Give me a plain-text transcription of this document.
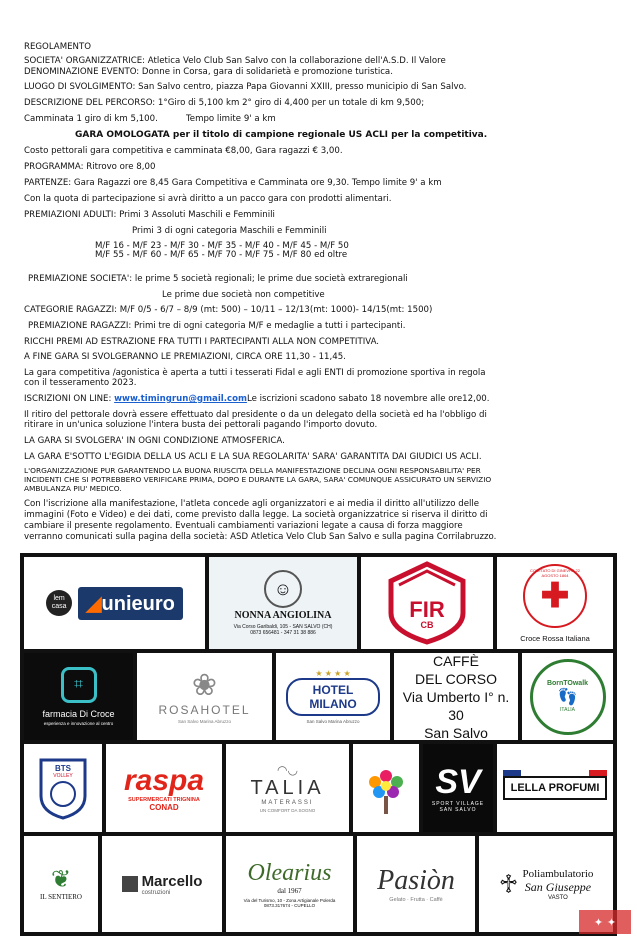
REGOLAMENTO
SOCIETA' ORGANIZZATRICE: Atletica Velo Club San Salvo con la collaborazione dell'A.S.D. Il Valore
DENOMINAZIONE EVENTO: Donne in Corsa, gara di solidarietà e promozione turistica.
LUOGO DI SVOLGIMENTO: San Salvo centro, piazza Papa Giovanni XXIII, presso municipio di San Salvo.
DESCRIZIONE DEL PERCORSO: 1°Giro di 5,100 km 2° giro di 4,400 per un totale di km 9,500;
Camminata 1 giro di km 5,100.	Tempo limite 9' a km
GARA OMOLOGATA per il titolo di campione regionale US ACLI per la competitiva.
Costo pettorali gara competitiva e camminata €8,00, Gara ragazzi € 3,00.
PROGRAMMA: Ritrovo ore 8,00
PARTENZE: Gara Ragazzi ore 8,45 Gara Competitiva e Camminata ore 9,30. Tempo limite 9' a km
Con la quota di partecipazione si avrà diritto a un pacco gara con prodotti alimentari.
PREMIAZIONI ADULTI: Primi 3 Assoluti Maschili e Femminili
Primi 3 di ogni categoria Maschili e Femminili
M/F 16 - M/F 23 - M/F 30 - M/F 35 - M/F 40 - M/F 45 - M/F 50
M/F 55 - M/F 60 - M/F 65 - M/F 70 - M/F 75 - M/F 80 ed oltre
PREMIAZIONE SOCIETA': le prime 5 società regionali; le prime due società extraregionali
Le prime due società non competitive
CATEGORIE RAGAZZI: M/F 0/5 - 6/7 – 8/9 (mt: 500) – 10/11 – 12/13(mt: 1000)- 14/15(mt: 1500)
PREMIAZIONE RAGAZZI: Primi tre di ogni categoria M/F e medaglie a tutti i partecipanti.
RICCHI PREMI AD ESTRAZIONE FRA TUTTI I PARTECIPANTI ALLA NON COMPETITIVA.
A FINE GARA SI SVOLGERANNO LE PREMIAZIONI, CIRCA ORE 11,30 - 11,45.
La gara competitiva /agonistica è aperta a tutti i tesserati Fidal e agli ENTI di promozione sportiva in regola
con il tesseramento 2023.
ISCRIZIONI ON LINE: www.timingrun@gmail.comLe iscrizioni scadono sabato 18 novembre alle ore12,00.
Il ritiro del pettorale dovrà essere effettuato dal presidente o da un delegato della società ed ha l'obbligo di
ritirare in un'unica soluzione l'intera busta dei pettorali pagando l'importo dovuto.
LA GARA SI SVOLGERA' IN OGNI CONDIZIONE ATMOSFERICA.
LA GARA E'SOTTO L'EGIDIA DELLA US ACLI E LA SUA REGOLARITA' SARA' GARANTITA DAI GIUDICI US ACLI.
L'ORGANIZZAZIONE PUR GARANTENDO LA BUONA RIUSCITA DELLA MANIFESTAZIONE DECLINA OGNI RESPONSABILITA' PER
INCIDENTI CHE SI POTREBBERO VERIFICARE PRIMA, DOPO E DURANTE LA GARA, SARA' COMUNQUE ASSICURATO UN SERVIZIO
AMBULANZA PIU' MEDICO.
Con l'iscrizione alla manifestazione, l'atleta concede agli organizzatori e ai media il diritto all'utilizzo delle
immagini (Foto e Video) e dei dati, come previsto dalla legge. La società organizzatrice si riserva il diritto di
cambiare il presente regolamento. Eventuali cambiamenti variazioni legate a causa di forza maggiore
verranno comunicati sulla pagina della società: ASD Atletica Velo Club San Salvo e sulla pagina Corrilabruzzo.
lem casa ◢unieuro
☺
NONNA ANGIOLINA
Via Corso Garibaldi, 105 - SAN SALVO (CH)
0873 656481 - 347 31 38 886
FIR
CB
COMITATO DI GINEVRA 22 AGOSTO 1864
✚
Croce Rossa Italiana
⌗
farmacia Di Croce
esperienza e innovazione al centro
❀
ROSAHOTEL
San Salvo Marina Abruzzo
★ ★ ★ ★
HOTEL MILANO
San Salvo Marina Abruzzo
CAFFÈ
DEL CORSO
Via Umberto I° n. 30
San Salvo
BornTOwalk
👣
ITALIA
BTS
VOLLEY	raspa
SUPERMERCATI TRIGNINA
CONAD
◠◡
TALIA
MATERASSI
UN COMFORT DA SOGNO
SV
SPORT VILLAGE SAN SALVO
LELLA PROFUMI
❦
IL SENTIERO
Marcello
costruzioni
Olearius
dal 1967
Via del Turismo, 10 - Zona Artigianale Polerda
0873.317674 - CUPELLO
Pasiòn
Gelato · Frutta · Caffè
♱ Poliambulatorio
San Giuseppe
VASTO
✦ ✦
